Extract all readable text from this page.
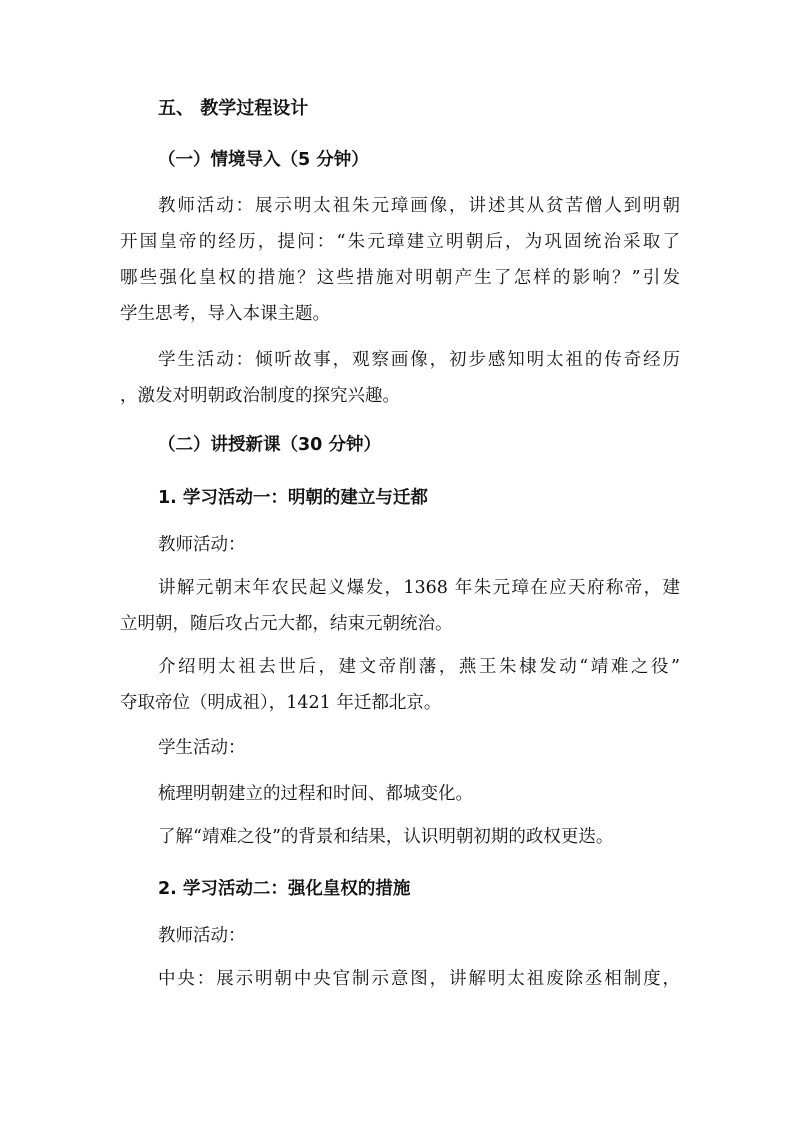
五、 教学过程设计
（一）情境导入（5 分钟）
教师活动：展示明太祖朱元璋画像，讲述其从贫苦僧人到明朝
开国皇帝的经历，提问：“朱元璋建立明朝后，为巩固统治采取了
哪些强化皇权的措施？这些措施对明朝产生了怎样的影响？”引发
学生思考，导入本课主题。
学生活动：倾听故事，观察画像，初步感知明太祖的传奇经历
，激发对明朝政治制度的探究兴趣。
（二）讲授新课（30 分钟）
1. 学习活动一：明朝的建立与迁都
教师活动：
讲解元朝末年农民起义爆发，1368 年朱元璋在应天府称帝，建
立明朝，随后攻占元大都，结束元朝统治。
介绍明太祖去世后，建文帝削藩，燕王朱棣发动“靖难之役”
夺取帝位（明成祖），1421 年迁都北京。
学生活动：
梳理明朝建立的过程和时间、都城变化。
了解“靖难之役”的背景和结果，认识明朝初期的政权更迭。
2. 学习活动二：强化皇权的措施
教师活动：
中央：展示明朝中央官制示意图，讲解明太祖废除丞相制度，
